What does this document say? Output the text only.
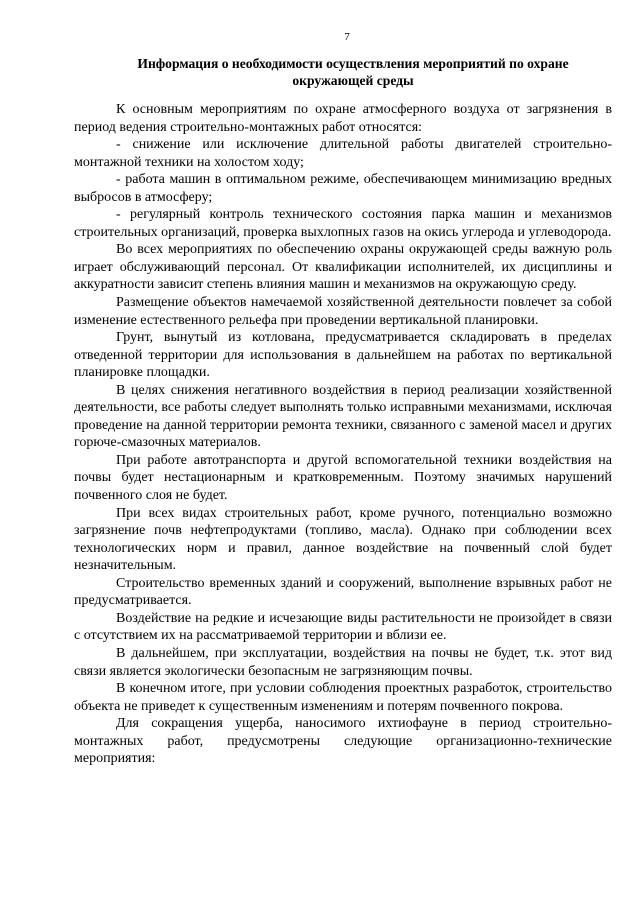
7
Информация о необходимости осуществления мероприятий по охране
окружающей среды

К основным мероприятиям по охране атмосферного воздуха от загрязнения в период ведения строительно-монтажных работ относятся:

- снижение или исключение длительной работы двигателей строительно-монтажной техники на холостом ходу;

- работа машин в оптимальном режиме, обеспечивающем минимизацию вредных выбросов в атмосферу;

- регулярный контроль технического состояния парка машин и механизмов строительных организаций, проверка выхлопных газов на окись углерода и углеводорода.

Во всех мероприятиях по обеспечению охраны окружающей среды важную роль играет обслуживающий персонал. От квалификации исполнителей, их дисциплины и аккуратности зависит степень влияния машин и механизмов на окружающую среду.

Размещение объектов намечаемой хозяйственной деятельности повлечет за собой изменение естественного рельефа при проведении вертикальной планировки.

Грунт, вынутый из котлована, предусматривается складировать в пределах отведенной территории для использования в дальнейшем на работах по вертикальной планировке площадки.

В целях снижения негативного воздействия в период реализации хозяйственной деятельности, все работы следует выполнять только исправными механизмами, исключая проведение на данной территории ремонта техники, связанного с заменой масел и других горюче-смазочных материалов.

При работе автотранспорта и другой вспомогательной техники воздействия на почвы будет нестационарным и кратковременным. Поэтому значимых нарушений почвенного слоя не будет.

При всех видах строительных работ, кроме ручного, потенциально возможно загрязнение почв нефтепродуктами (топливо, масла). Однако при соблюдении всех технологических норм и правил, данное воздействие на почвенный слой будет незначительным.

Строительство временных зданий и сооружений, выполнение взрывных работ не предусматривается.

Воздействие на редкие и исчезающие виды растительности не произойдет в связи с отсутствием их на рассматриваемой территории и вблизи ее.

В дальнейшем, при эксплуатации, воздействия на почвы не будет, т.к. этот вид связи является экологически безопасным не загрязняющим почвы.

В конечном итоге, при условии соблюдения проектных разработок, строительство объекта не приведет к существенным изменениям и потерям почвенного покрова.

Для сокращения ущерба, наносимого ихтиофауне в период строительно-монтажных работ, предусмотрены следующие организационно-технические мероприятия:
